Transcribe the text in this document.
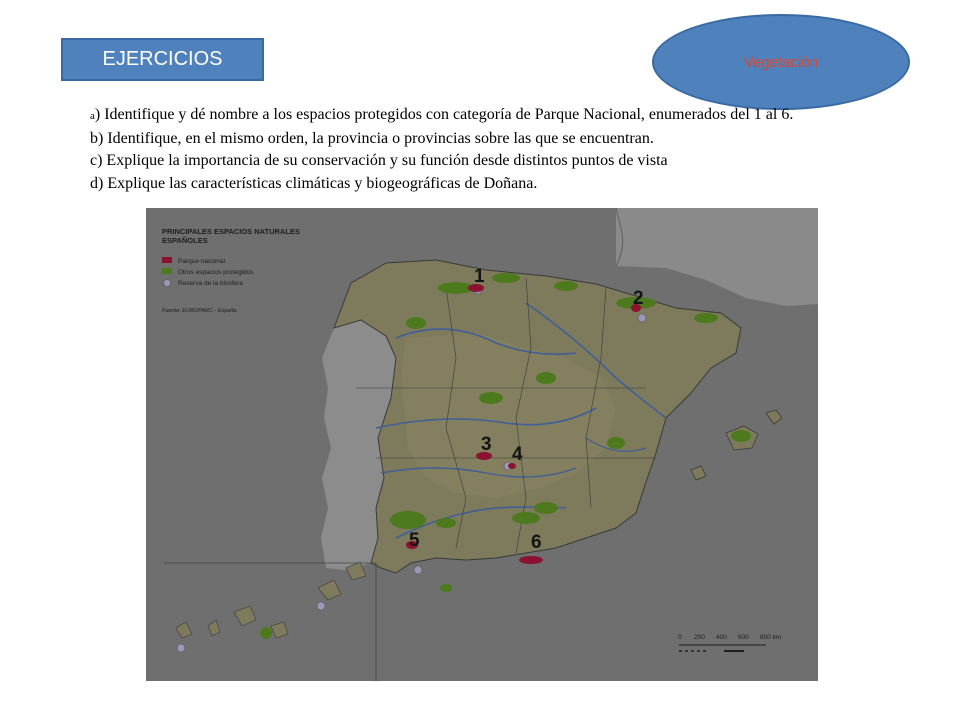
EJERCICIOS	Vegetación
a) Identifique y dé nombre a los espacios protegidos con categoría de Parque Nacional, enumerados del 1 al 6.
b) Identifique, en el mismo orden, la provincia o provincias sobre las que se encuentran.
c) Explique la importancia de su conservación y su función desde distintos puntos de vista
d) Explique las características climáticas y biogeográficas de Doñana.
1
2
3 4
5	6
PRINCIPALES ESPACIOS NATURALES
ESPAÑOLES
Parque nacional
Otros espacios protegidos
Reserva de la biosfera
Fuente: EUROPARC - España.
0 200 400 600 800 km
